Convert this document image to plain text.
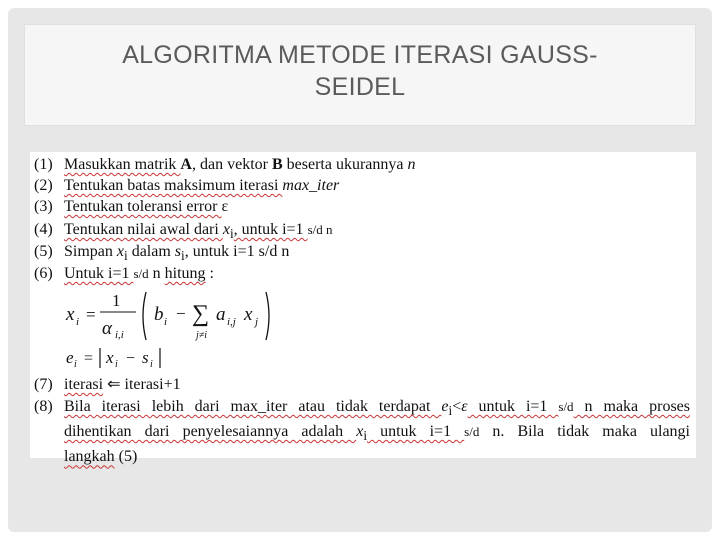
ALGORITMA METODE ITERASI GAUSS-
SEIDEL
(1) Masukkan matrik A, dan vektor B beserta ukurannya n
(2) Tentukan batas maksimum iterasi max_iter
(3) Tentukan toleransi error ε
(4) Tentukan nilai awal dari $x_i$, untuk i=1 s/d n
(5) Simpan $x_i$ dalam $s_i$, untuk i=1 s/d n
(6) Untuk i=1 s/d n hitung :
x i =
1
α i,i
b i − ∑
j≠i
a i,j x j
e i = x i − s i
(7) iterasi ⇐ iterasi+1
(8) Bila iterasi lebih dari max_iter atau tidak terdapat $e_i<\varepsilon$ untuk i=1 s/d n maka proses
dihentikan dari penyelesaiannya adalah $x_i$ untuk i=1 s/d n. Bila tidak maka ulangi
langkah (5)
